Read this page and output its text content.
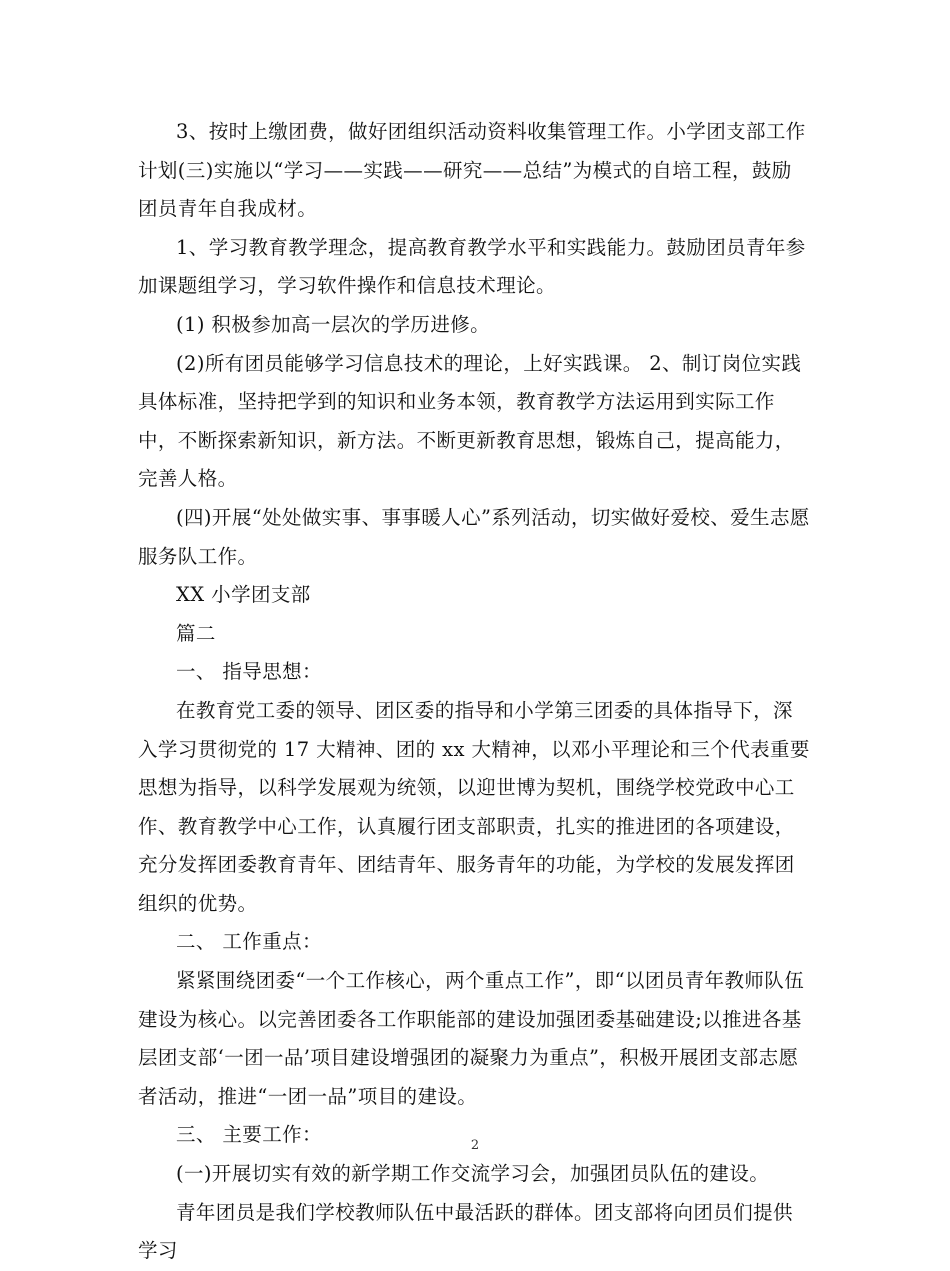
3、按时上缴团费，做好团组织活动资料收集管理工作。小学团支部工作计划(三)实施以“学习——实践——研究——总结”为模式的自培工程，鼓励团员青年自我成材。

1、学习教育教学理念，提高教育教学水平和实践能力。鼓励团员青年参加课题组学习，学习软件操作和信息技术理论。

(1) 积极参加高一层次的学历进修。

(2)所有团员能够学习信息技术的理论，上好实践课。 2、制订岗位实践具体标准，坚持把学到的知识和业务本领，教育教学方法运用到实际工作中，不断探索新知识，新方法。不断更新教育思想，锻炼自己，提高能力，完善人格。

(四)开展“处处做实事、事事暖人心”系列活动，切实做好爱校、爱生志愿服务队工作。

XX 小学团支部

篇二

一、 指导思想：

在教育党工委的领导、团区委的指导和小学第三团委的具体指导下，深入学习贯彻党的 17 大精神、团的 xx 大精神，以邓小平理论和三个代表重要思想为指导，以科学发展观为统领，以迎世博为契机，围绕学校党政中心工作、教育教学中心工作，认真履行团支部职责，扎实的推进团的各项建设，充分发挥团委教育青年、团结青年、服务青年的功能，为学校的发展发挥团组织的优势。

二、 工作重点：

紧紧围绕团委“一个工作核心，两个重点工作”，即“以团员青年教师队伍建设为核心。以完善团委各工作职能部的建设加强团委基础建设;以推进各基层团支部‘一团一品’项目建设增强团的凝聚力为重点”，积极开展团支部志愿者活动，推进“一团一品”项目的建设。

三、 主要工作：

(一)开展切实有效的新学期工作交流学习会，加强团员队伍的建设。

青年团员是我们学校教师队伍中最活跃的群体。团支部将向团员们提供学习

2
